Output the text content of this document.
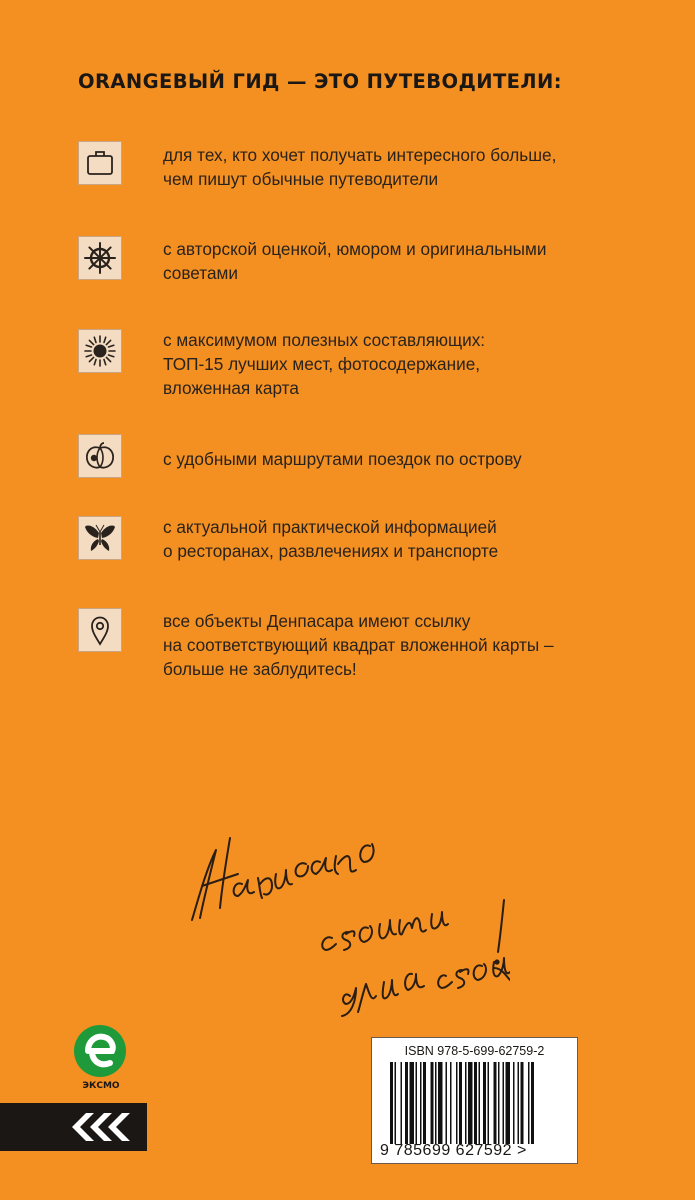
ORANGEВЫЙ ГИД — ЭТО ПУТЕВОДИТЕЛИ:
для тех, кто хочет получать интересного больше,
чем пишут обычные путеводители
с авторской оценкой, юмором и оригинальными
советами
с максимумом полезных составляющих:
ТОП-15 лучших мест, фотосодержание,
вложенная карта
с удобными маршрутами поездок по острову
с актуальной практической информацией
о ресторанах, развлечениях и транспорте
все объекты Денпасара имеют ссылку
на соответствующий квадрат вложенной карты –
больше не заблудитесь!
ЭКСМО
ISBN 978-5-699-62759-2
9 785699 627592 >
